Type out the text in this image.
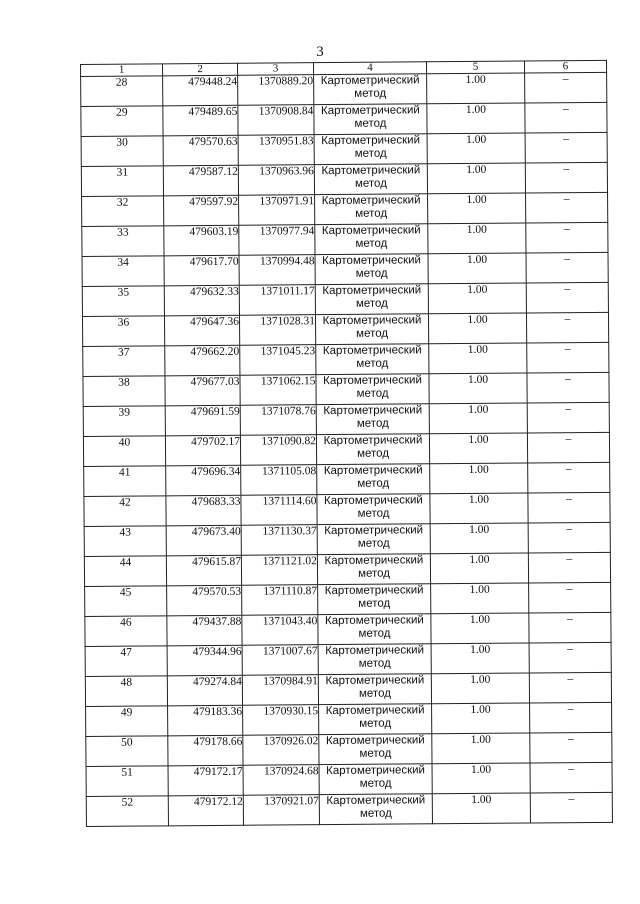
3
1	2	3	4	5	6
28	479448.24	1370889.20	Картометрический метод	1.00	–
29	479489.65	1370908.84	Картометрический метод	1.00	–
30	479570.63	1370951.83	Картометрический метод	1.00	–
31	479587.12	1370963.96	Картометрический метод	1.00	–
32	479597.92	1370971.91	Картометрический метод	1.00	–
33	479603.19	1370977.94	Картометрический метод	1.00	–
34	479617.70	1370994.48	Картометрический метод	1.00	–
35	479632.33	1371011.17	Картометрический метод	1.00	–
36	479647.36	1371028.31	Картометрический метод	1.00	–
37	479662.20	1371045.23	Картометрический метод	1.00	–
38	479677.03	1371062.15	Картометрический метод	1.00	–
39	479691.59	1371078.76	Картометрический метод	1.00	–
40	479702.17	1371090.82	Картометрический метод	1.00	–
41	479696.34	1371105.08	Картометрический метод	1.00	–
42	479683.33	1371114.60	Картометрический метод	1.00	–
43	479673.40	1371130.37	Картометрический метод	1.00	–
44	479615.87	1371121.02	Картометрический метод	1.00	–
45	479570.53	1371110.87	Картометрический метод	1.00	–
46	479437.88	1371043.40	Картометрический метод	1.00	–
47	479344.96	1371007.67	Картометрический метод	1.00	–
48	479274.84	1370984.91	Картометрический метод	1.00	–
49	479183.36	1370930.15	Картометрический метод	1.00	–
50	479178.66	1370926.02	Картометрический метод	1.00	–
51	479172.17	1370924.68	Картометрический метод	1.00	–
52	479172.12	1370921.07	Картометрический метод	1.00	–
